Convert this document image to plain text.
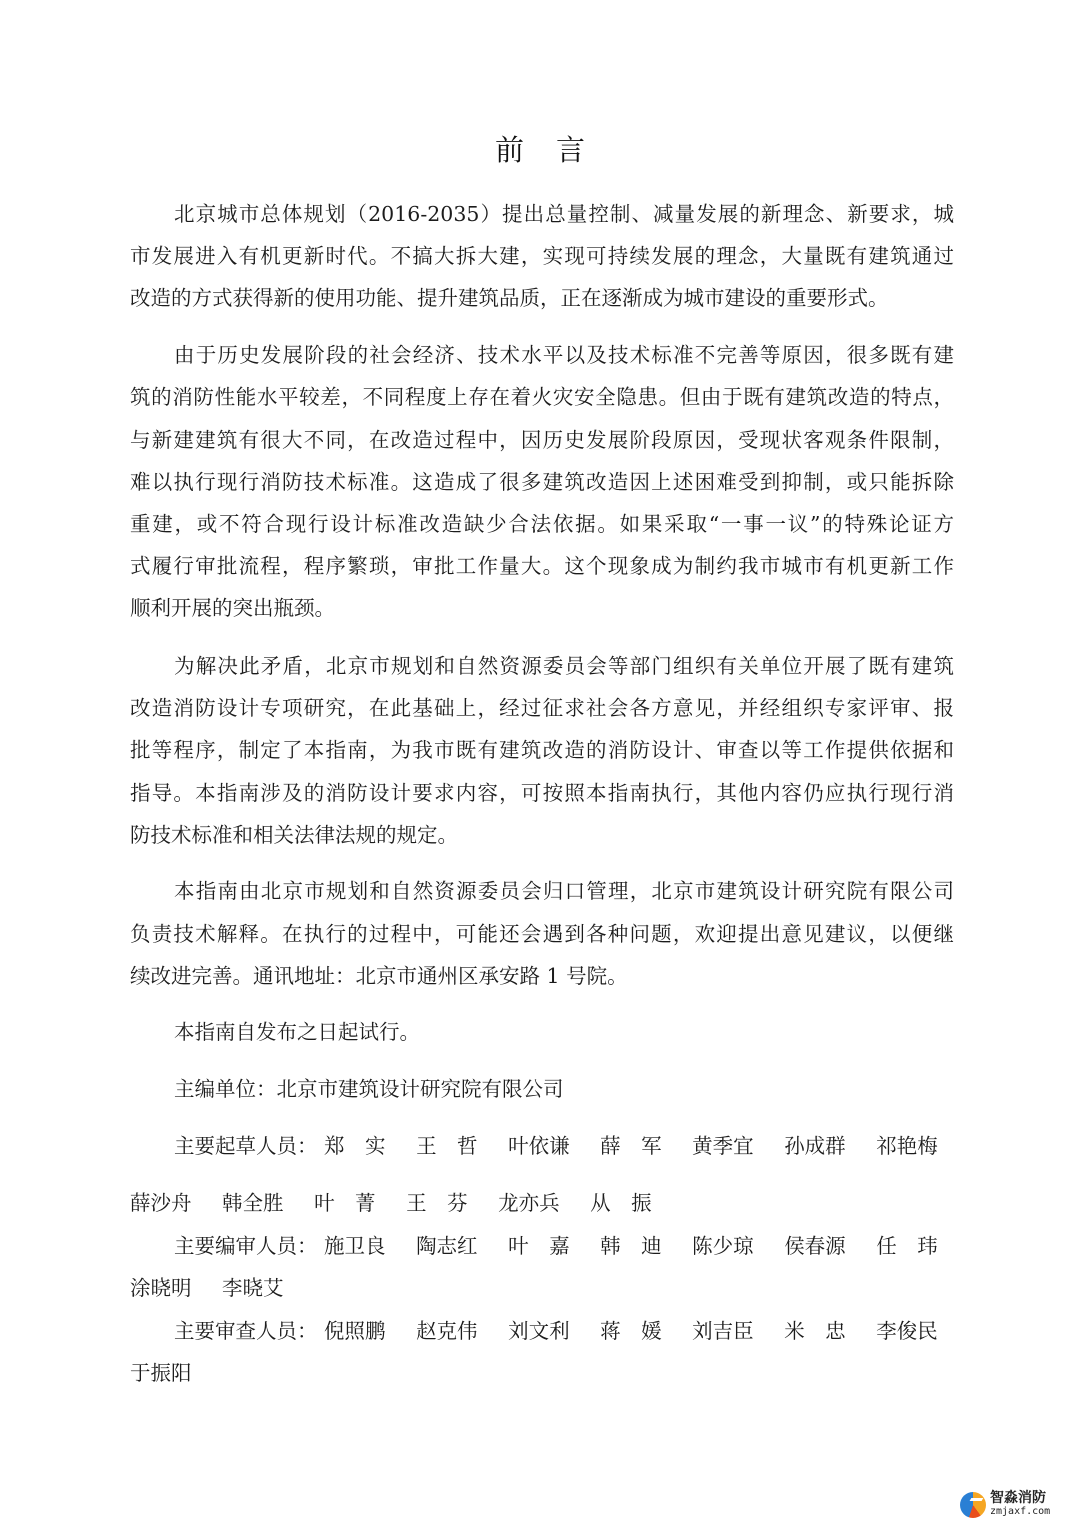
前言
北京城市总体规划（2016-2035）提出总量控制、减量发展的新理念、新要求，城
市发展进入有机更新时代。不搞大拆大建，实现可持续发展的理念，大量既有建筑通过
改造的方式获得新的使用功能、提升建筑品质，正在逐渐成为城市建设的重要形式。
由于历史发展阶段的社会经济、技术水平以及技术标准不完善等原因，很多既有建
筑的消防性能水平较差，不同程度上存在着火灾安全隐患。但由于既有建筑改造的特点，
与新建建筑有很大不同，在改造过程中，因历史发展阶段原因，受现状客观条件限制，
难以执行现行消防技术标准。这造成了很多建筑改造因上述困难受到抑制，或只能拆除
重建，或不符合现行设计标准改造缺少合法依据。如果采取“一事一议”的特殊论证方
式履行审批流程，程序繁琐，审批工作量大。这个现象成为制约我市城市有机更新工作
顺利开展的突出瓶颈。
为解决此矛盾，北京市规划和自然资源委员会等部门组织有关单位开展了既有建筑
改造消防设计专项研究，在此基础上，经过征求社会各方意见，并经组织专家评审、报
批等程序，制定了本指南，为我市既有建筑改造的消防设计、审查以等工作提供依据和
指导。本指南涉及的消防设计要求内容，可按照本指南执行，其他内容仍应执行现行消
防技术标准和相关法律法规的规定。
本指南由北京市规划和自然资源委员会归口管理，北京市建筑设计研究院有限公司
负责技术解释。在执行的过程中，可能还会遇到各种问题，欢迎提出意见建议，以便继
续改进完善。通讯地址：北京市通州区承安路 1 号院。
本指南自发布之日起试行。
主编单位：北京市建筑设计研究院有限公司
主要起草人员： 郑　实 王　哲 叶依谦 薛　军 黄季宜 孙成群 祁艳梅
薛沙舟 韩全胜 叶　菁 王　芬 龙亦兵 从　振
主要编审人员： 施卫良 陶志红 叶　嘉 韩　迪 陈少琼 侯春源 任　玮
涂晓明 李晓艾
主要审查人员： 倪照鹏 赵克伟 刘文利 蒋　媛 刘吉臣 米　忠 李俊民
于振阳
智淼消防
zmjaxf.com
